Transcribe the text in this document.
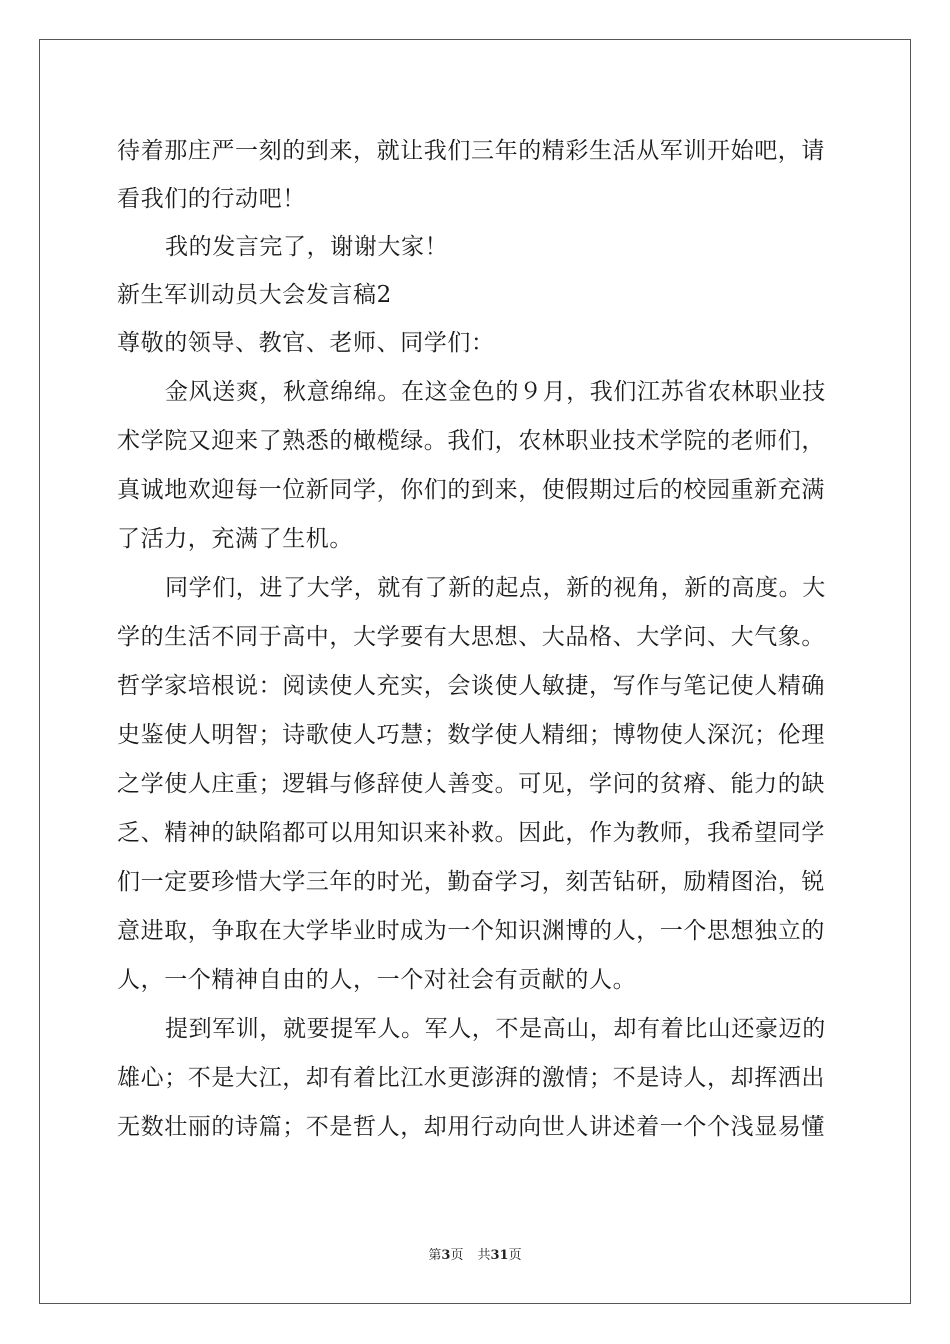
待着那庄严一刻的到来，就让我们三年的精彩生活从军训开始吧，请
看我们的行动吧！
我的发言完了，谢谢大家！
新生军训动员大会发言稿2
尊敬的领导、教官、老师、同学们：
金风送爽，秋意绵绵。在这金色的９月，我们江苏省农林职业技
术学院又迎来了熟悉的橄榄绿。我们，农林职业技术学院的老师们，
真诚地欢迎每一位新同学，你们的到来，使假期过后的校园重新充满
了活力，充满了生机。
同学们，进了大学，就有了新的起点，新的视角，新的高度。大
学的生活不同于高中，大学要有大思想、大品格、大学问、大气象。
哲学家培根说：阅读使人充实，会谈使人敏捷，写作与笔记使人精确
史鉴使人明智；诗歌使人巧慧；数学使人精细；博物使人深沉；伦理
之学使人庄重；逻辑与修辞使人善变。可见，学问的贫瘠、能力的缺
乏、精神的缺陷都可以用知识来补救。因此，作为教师，我希望同学
们一定要珍惜大学三年的时光，勤奋学习，刻苦钻研，励精图治，锐
意进取，争取在大学毕业时成为一个知识渊博的人，一个思想独立的
人，一个精神自由的人，一个对社会有贡献的人。
提到军训，就要提军人。军人，不是高山，却有着比山还豪迈的
雄心；不是大江，却有着比江水更澎湃的激情；不是诗人，却挥洒出
无数壮丽的诗篇；不是哲人，却用行动向世人讲述着一个个浅显易懂
第3页 共31页
